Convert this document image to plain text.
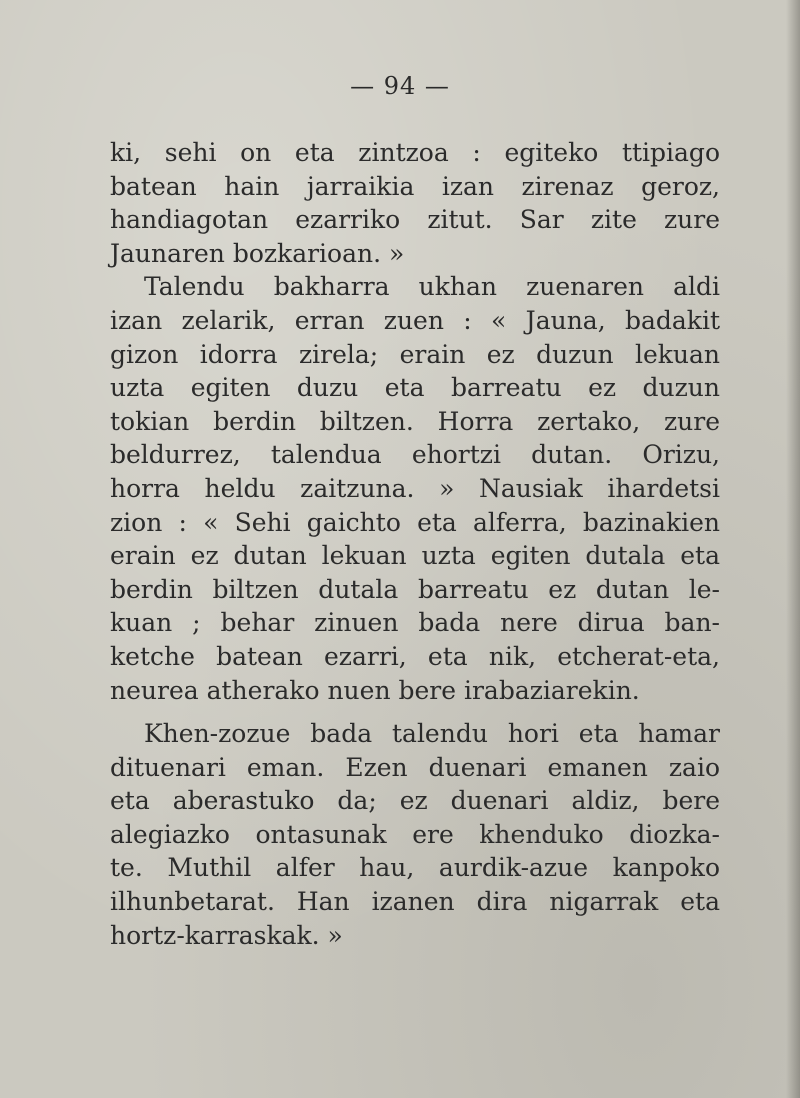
— 94 —
ki, sehi on eta zintzoa : egiteko ttipiago
batean hain jarraikia izan zirenaz geroz,
handiagotan ezarriko zitut. Sar zite zure
Jaunaren bozkarioan. »
Talendu bakharra ukhan zuenaren aldi
izan zelarik, erran zuen : « Jauna, badakit
gizon idorra zirela; erain ez duzun lekuan
uzta egiten duzu eta barreatu ez duzun
tokian berdin biltzen. Horra zertako, zure
beldurrez, talendua ehortzi dutan. Orizu,
horra heldu zaitzuna. » Nausiak ihardetsi
zion : « Sehi gaichto eta alferra, bazinakien
erain ez dutan lekuan uzta egiten dutala eta
berdin biltzen dutala barreatu ez dutan le-
kuan ; behar zinuen bada nere dirua ban-
ketche batean ezarri, eta nik, etcherat-eta,
neurea atherako nuen bere irabaziarekin.
Khen-zozue bada talendu hori eta hamar
dituenari eman. Ezen duenari emanen zaio
eta aberastuko da; ez duenari aldiz, bere
alegiazko ontasunak ere khenduko diozka-
te. Muthil alfer hau, aurdik-azue kanpoko
ilhunbetarat. Han izanen dira nigarrak eta
hortz-karraskak. »
